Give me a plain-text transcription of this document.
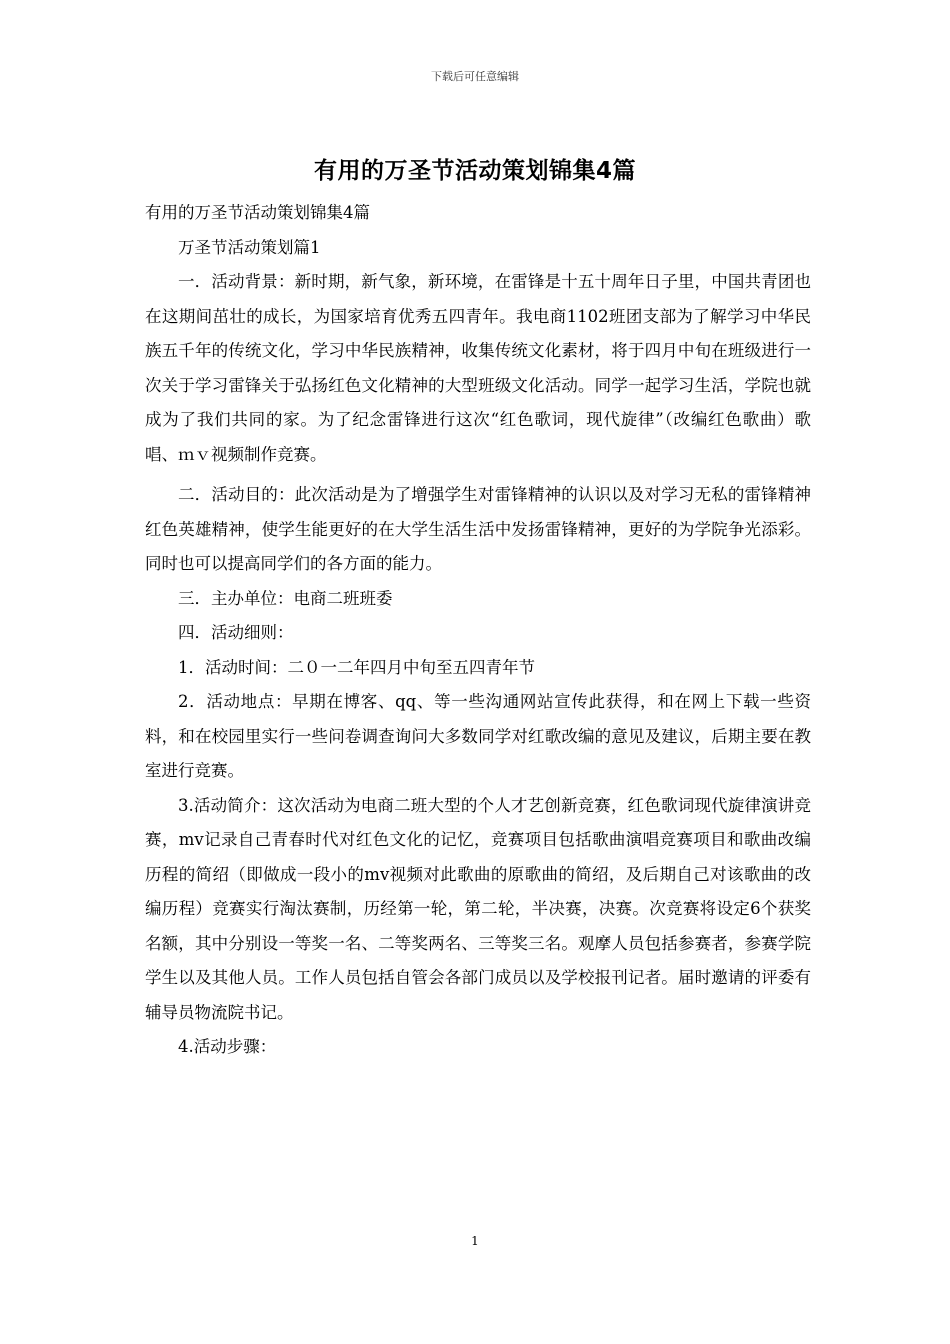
下载后可任意编辑
有用的万圣节活动策划锦集4篇

有用的万圣节活动策划锦集4篇

万圣节活动策划篇1

一．活动背景：新时期，新气象，新环境，在雷锋是十五十周年日子里，中国共青团也在这期间茁壮的成长，为国家培育优秀五四青年。我电商1102班团支部为了解学习中华民族五千年的传统文化，学习中华民族精神，收集传统文化素材，将于四月中旬在班级进行一次关于学习雷锋关于弘扬红色文化精神的大型班级文化活动。同学一起学习生活，学院也就成为了我们共同的家。为了纪念雷锋进行这次“红色歌词，现代旋律”（改编红色歌曲）歌唱、ｍｖ视频制作竞赛。

二．活动目的：此次活动是为了增强学生对雷锋精神的认识以及对学习无私的雷锋精神红色英雄精神，使学生能更好的在大学生活生活中发扬雷锋精神，更好的为学院争光添彩。同时也可以提高同学们的各方面的能力。

三．主办单位：电商二班班委

四．活动细则：

1．活动时间：二０一二年四月中旬至五四青年节

2．活动地点：早期在博客、qq、等一些沟通网站宣传此获得，和在网上下载一些资料，和在校园里实行一些问卷调查询问大多数同学对红歌改编的意见及建议，后期主要在教室进行竞赛。

3.活动简介：这次活动为电商二班大型的个人才艺创新竞赛，红色歌词现代旋律演讲竞赛，mv记录自己青春时代对红色文化的记忆，竞赛项目包括歌曲演唱竞赛项目和歌曲改编历程的简绍（即做成一段小的mv视频对此歌曲的原歌曲的简绍，及后期自己对该歌曲的改编历程）竞赛实行淘汰赛制，历经第一轮，第二轮，半决赛，决赛。次竞赛将设定6个获奖名额，其中分别设一等奖一名、二等奖两名、三等奖三名。观摩人员包括参赛者，参赛学院学生以及其他人员。工作人员包括自管会各部门成员以及学校报刊记者。届时邀请的评委有辅导员物流院书记。

4.活动步骤：

1
